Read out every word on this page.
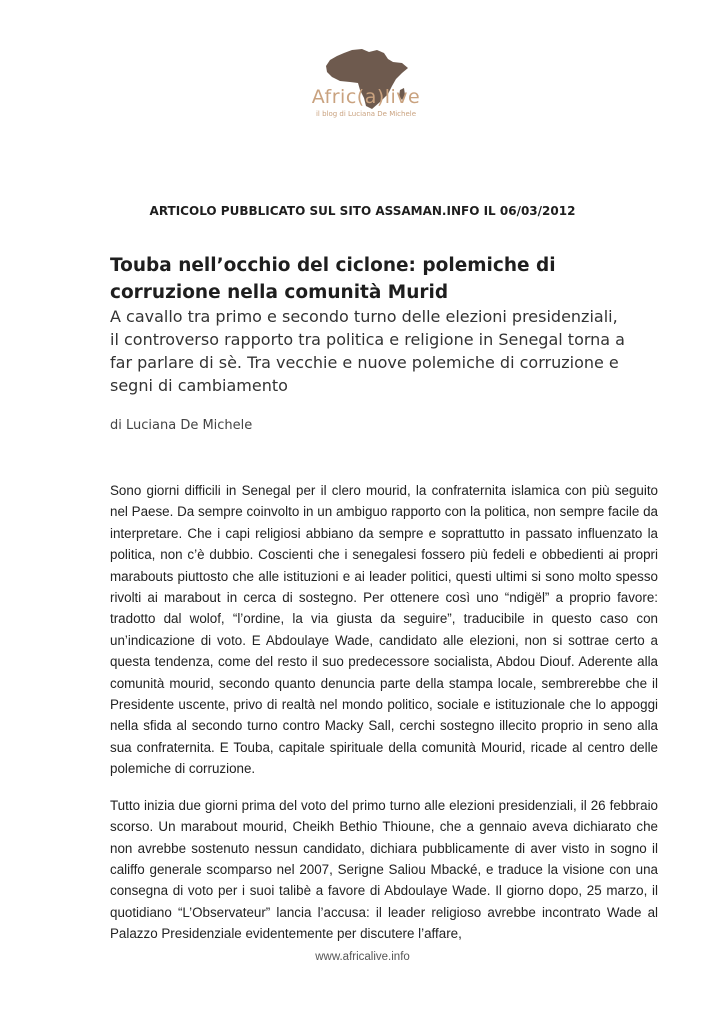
Afric(a)live
il blog di Luciana De Michele
ARTICOLO PUBBLICATO SUL SITO ASSAMAN.INFO IL 06/03/2012
Touba nell’occhio del ciclone: polemiche di corruzione nella comunità Murid
A cavallo tra primo e secondo turno delle elezioni presidenziali, il controverso rapporto tra politica e religione in Senegal torna a far parlare di sè. Tra vecchie e nuove polemiche di corruzione e segni di cambiamento
di Luciana De Michele

Sono giorni difficili in Senegal per il clero mourid, la confraternita islamica con più seguito nel Paese. Da sempre coinvolto in un ambiguo rapporto con la politica, non sempre facile da interpretare. Che i capi religiosi abbiano da sempre e soprattutto in passato influenzato la politica, non c’è dubbio. Coscienti che i senegalesi fossero più fedeli e obbedienti ai propri marabouts piuttosto che alle istituzioni e ai leader politici, questi ultimi si sono molto spesso rivolti ai marabout in cerca di sostegno. Per ottenere così uno “ndigël” a proprio favore: tradotto dal wolof, “l’ordine, la via giusta da seguire”, traducibile in questo caso con un’indicazione di voto. E Abdoulaye Wade, candidato alle elezioni, non si sottrae certo a questa tendenza, come del resto il suo predecessore socialista, Abdou Diouf. Aderente alla comunità mourid, secondo quanto denuncia parte della stampa locale, sembrerebbe che il Presidente uscente, privo di realtà nel mondo politico, sociale e istituzionale che lo appoggi nella sfida al secondo turno contro Macky Sall, cerchi sostegno illecito proprio in seno alla sua confraternita. E Touba, capitale spirituale della comunità Mourid, ricade al centro delle polemiche di corruzione.

Tutto inizia due giorni prima del voto del primo turno alle elezioni presidenziali, il 26 febbraio scorso. Un marabout mourid, Cheikh Bethio Thioune, che a gennaio aveva dichiarato che non avrebbe sostenuto nessun candidato, dichiara pubblicamente di aver visto in sogno il califfo generale scomparso nel 2007, Serigne Saliou Mbacké, e traduce la visione con una consegna di voto per i suoi talibè a favore di Abdoulaye Wade. Il giorno dopo, 25 marzo, il quotidiano “L’Observateur” lancia l’accusa: il leader religioso avrebbe incontrato Wade al Palazzo Presidenziale evidentemente per discutere l’affare,

www.africalive.info
